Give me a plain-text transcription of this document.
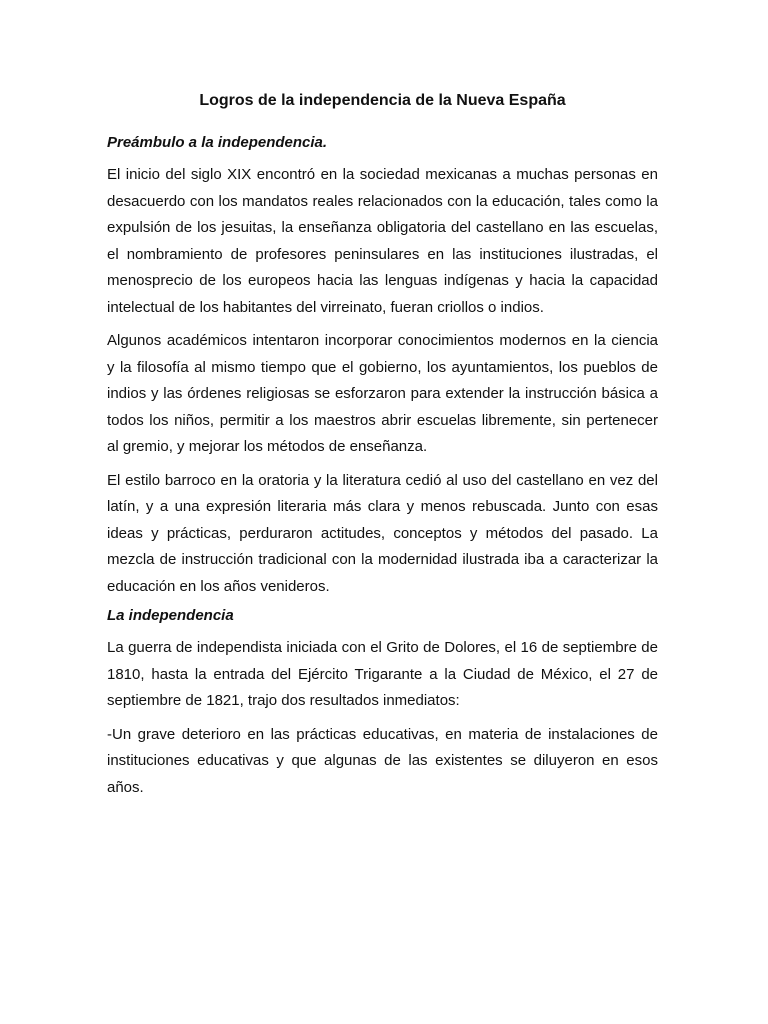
Logros de la independencia de la Nueva España
Preámbulo a la independencia.

El inicio del siglo XIX encontró en la sociedad mexicanas a muchas personas en desacuerdo con los mandatos reales relacionados con la educación, tales como la expulsión de los jesuitas, la enseñanza obligatoria del castellano en las escuelas, el nombramiento de profesores peninsulares en las instituciones ilustradas, el menosprecio de los europeos hacia las lenguas indígenas y hacia la capacidad intelectual de los habitantes del virreinato, fueran criollos o indios.

Algunos académicos intentaron incorporar conocimientos modernos en la ciencia y la filosofía al mismo tiempo que el gobierno, los ayuntamientos, los pueblos de indios y las órdenes religiosas se esforzaron para extender la instrucción básica a todos los niños, permitir a los maestros abrir escuelas libremente, sin pertenecer al gremio, y mejorar los métodos de enseñanza.

El estilo barroco en la oratoria y la literatura cedió al uso del castellano en vez del latín, y a una expresión literaria más clara y menos rebuscada. Junto con esas ideas y prácticas, perduraron actitudes, conceptos y métodos del pasado. La mezcla de instrucción tradicional con la modernidad ilustrada iba a caracterizar la educación en los años venideros.

La independencia

La guerra de independista iniciada con el Grito de Dolores, el 16 de septiembre de 1810, hasta la entrada del Ejército Trigarante a la Ciudad de México, el 27 de septiembre de 1821, trajo dos resultados inmediatos:

-Un grave deterioro en las prácticas educativas, en materia de instalaciones de instituciones educativas y que algunas de las existentes se diluyeron en esos años.
